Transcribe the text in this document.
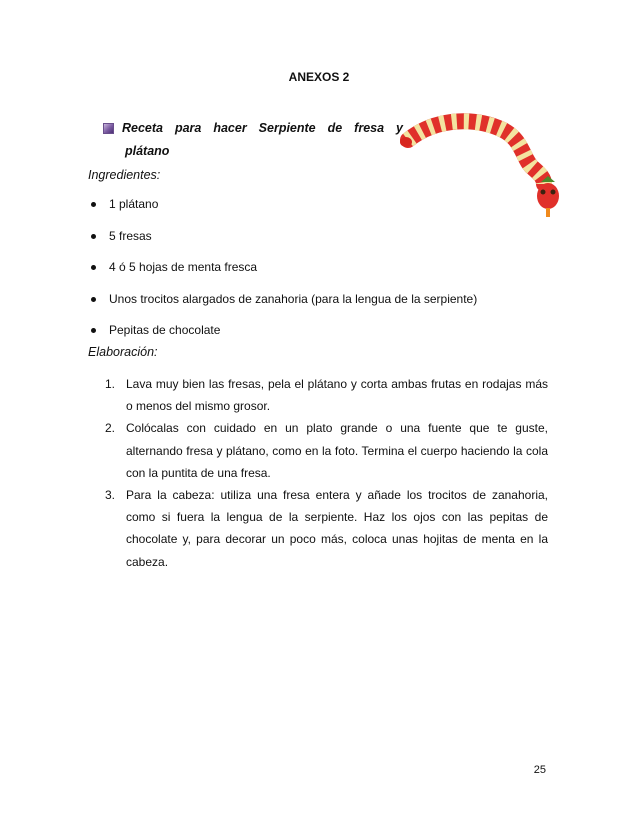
ANEXOS 2
Receta para hacer Serpiente de fresa y
plátano
Ingredientes:
1 plátano
5 fresas
4 ó 5 hojas de menta fresca
Unos trocitos alargados de zanahoria (para la lengua de la serpiente)
Pepitas de chocolate
Elaboración:
1. Lava muy bien las fresas, pela el plátano y corta ambas frutas en rodajas más o menos del mismo grosor.
2. Colócalas con cuidado en un plato grande o una fuente que te guste, alternando fresa y plátano, como en la foto. Termina el cuerpo haciendo la cola con la puntita de una fresa.
3. Para la cabeza: utiliza una fresa entera y añade los trocitos de zanahoria, como si fuera la lengua de la serpiente. Haz los ojos con las pepitas de chocolate y, para decorar un poco más, coloca unas hojitas de menta en la cabeza.
25
